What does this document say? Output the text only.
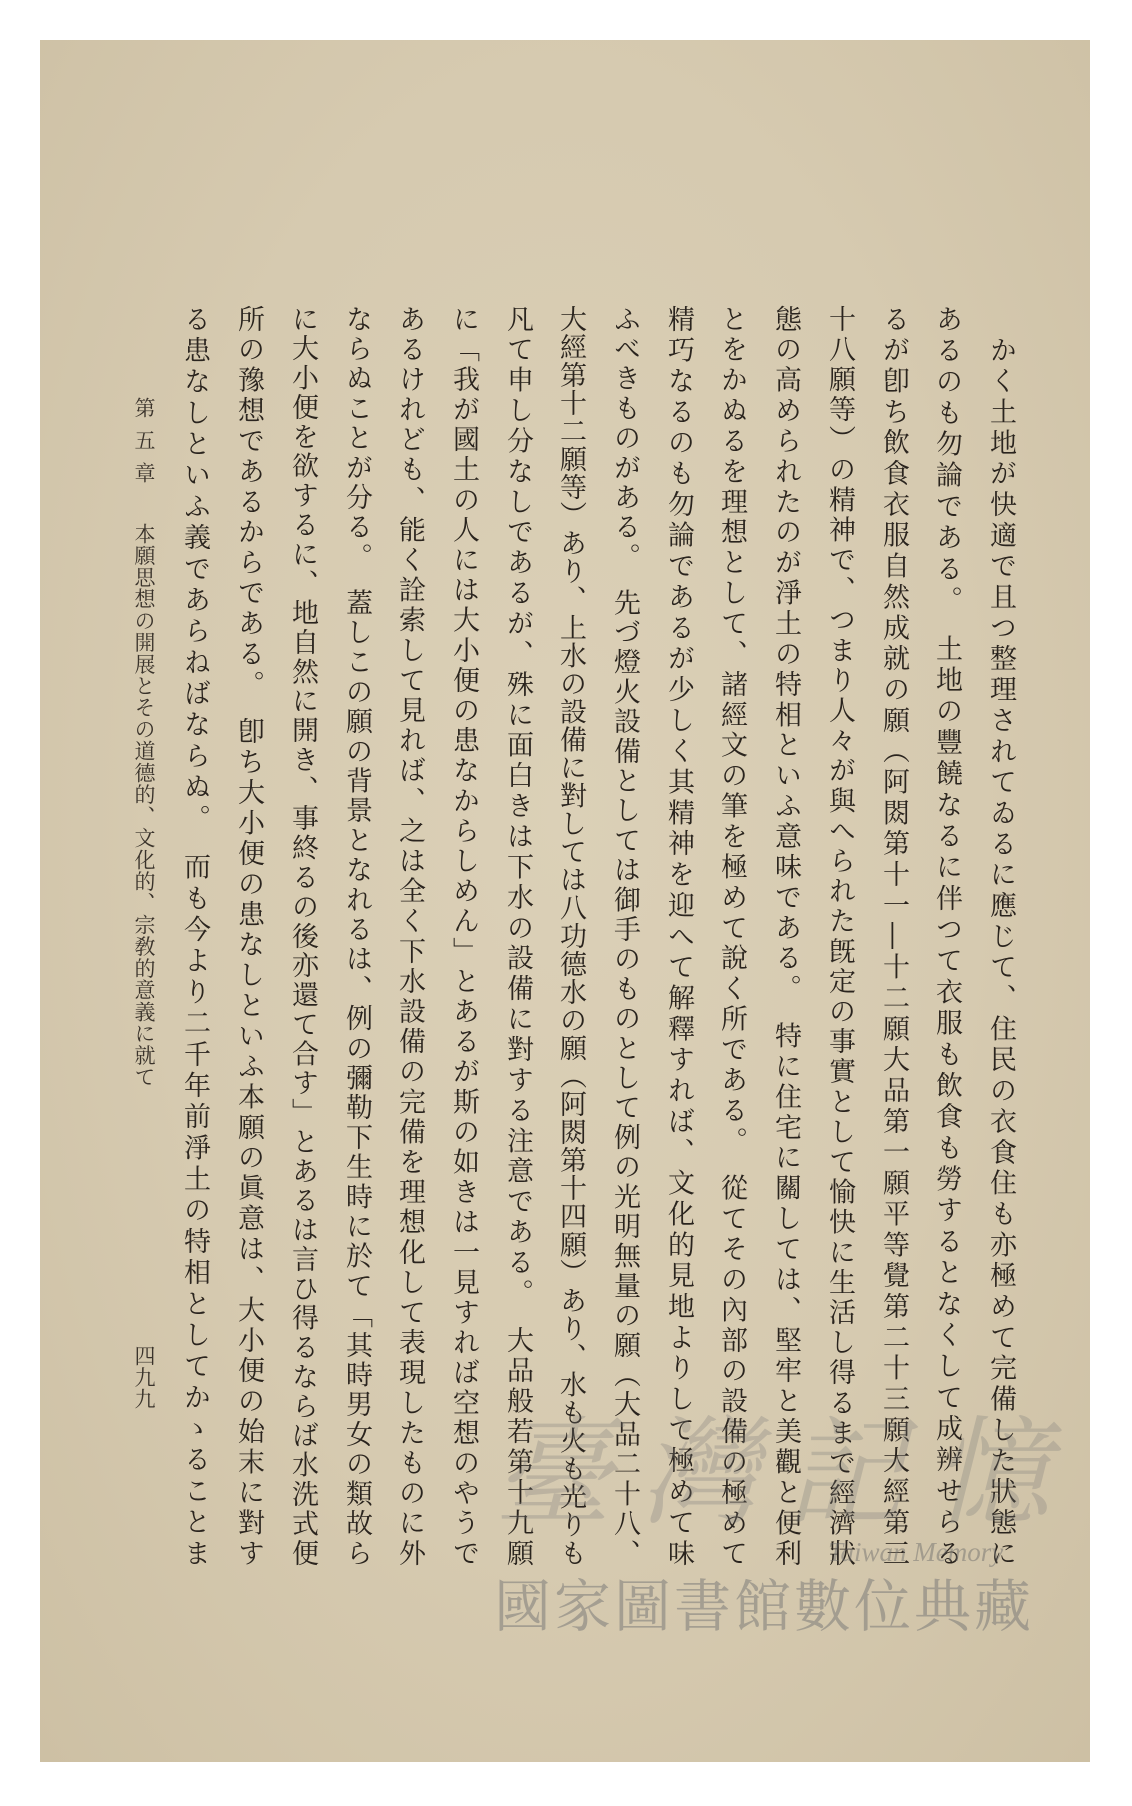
かく土地が快適で且つ整理されてゐるに應じて、住民の衣食住も亦極めて完備した狀態に
あるのも勿論である。　土地の豐饒なるに伴つて衣服も飲食も勞するとなくして成辨せらる
るが卽ち飲食衣服自然成就の願（阿閦第十一―十二願大品第一願平等覺第二十三願大經第三
十八願等）の精神で、つまり人々が與へられた旣定の事實として愉快に生活し得るまで經濟狀
態の高められたのが淨土の特相といふ意味である。　特に住宅に關しては、堅牢と美觀と便利
とをかぬるを理想として、諸經文の筆を極めて說く所である。　從てその內部の設備の極めて
精巧なるのも勿論であるが少しく其精神を迎へて解釋すれば、文化的見地よりして極めて味
ふべきものがある。　先づ燈火設備としては御手のものとして例の光明無量の願（大品二十八、
大經第十二願等）あり、上水の設備に對しては八功德水の願（阿閦第十四願）あり、水も火も光りも
凡て申し分なしであるが、殊に面白きは下水の設備に對する注意である。　大品般若第十九願
に「我が國土の人には大小便の患なからしめん」とあるが斯の如きは一見すれば空想のやうで
あるけれども、能く詮索して見れば、之は全く下水設備の完備を理想化して表現したものに外
ならぬことが分る。　蓋しこの願の背景となれるは、例の彌勒下生時に於て「其時男女の類故ら
に大小便を欲するに、地自然に開き、事終るの後亦還て合す」とあるは言ひ得るならば水洗式便
所の豫想であるからである。　卽ち大小便の患なしといふ本願の眞意は、大小便の始末に對す
る患なしといふ義であらねばならぬ。　而も今より二千年前淨土の特相としてかゝることま
第五章
本願思想の開展とその道德的、文化的、宗敎的意義に就て
四九九
臺灣記憶
Taiwan Memory
國家圖書館數位典藏
